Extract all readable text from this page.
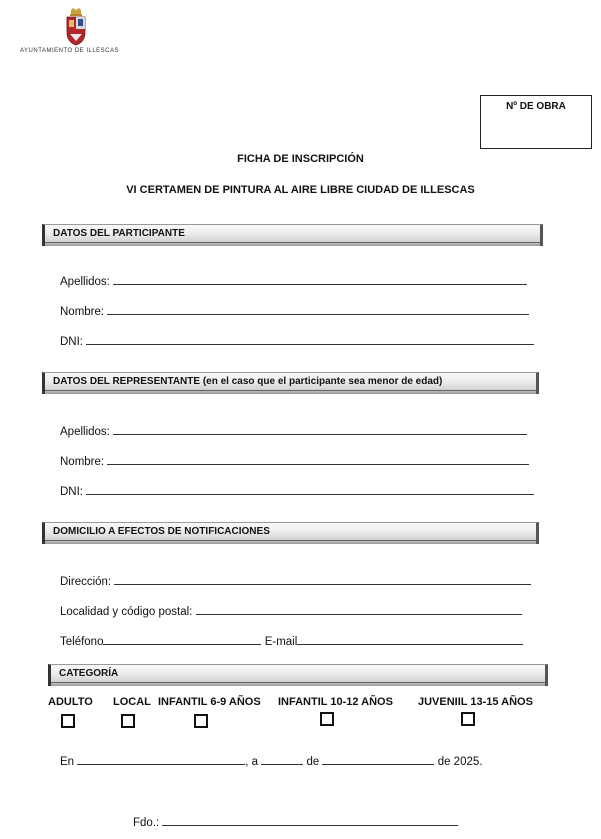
AYUNTAMIENTO DE ILLESCAS
Nº DE OBRA
FICHA DE INSCRIPCIÓN
VI CERTAMEN DE PINTURA AL AIRE LIBRE CIUDAD DE ILLESCAS
DATOS DEL PARTICIPANTE
Apellidos:
Nombre:
DNI:
DATOS DEL REPRESENTANTE (en el caso que el participante sea menor de edad)
Apellidos:
Nombre:
DNI:
DOMICILIO A EFECTOS DE NOTIFICACIONES
Dirección:
Localidad y código postal:
Teléfono	E-mail
CATEGORÍA
ADULTO LOCAL INFANTIL 6-9 AÑOS INFANTIL 10-12 AÑOS JUVENIIL 13-15 AÑOS
En	, a	de	de 2025.
Fdo.:
